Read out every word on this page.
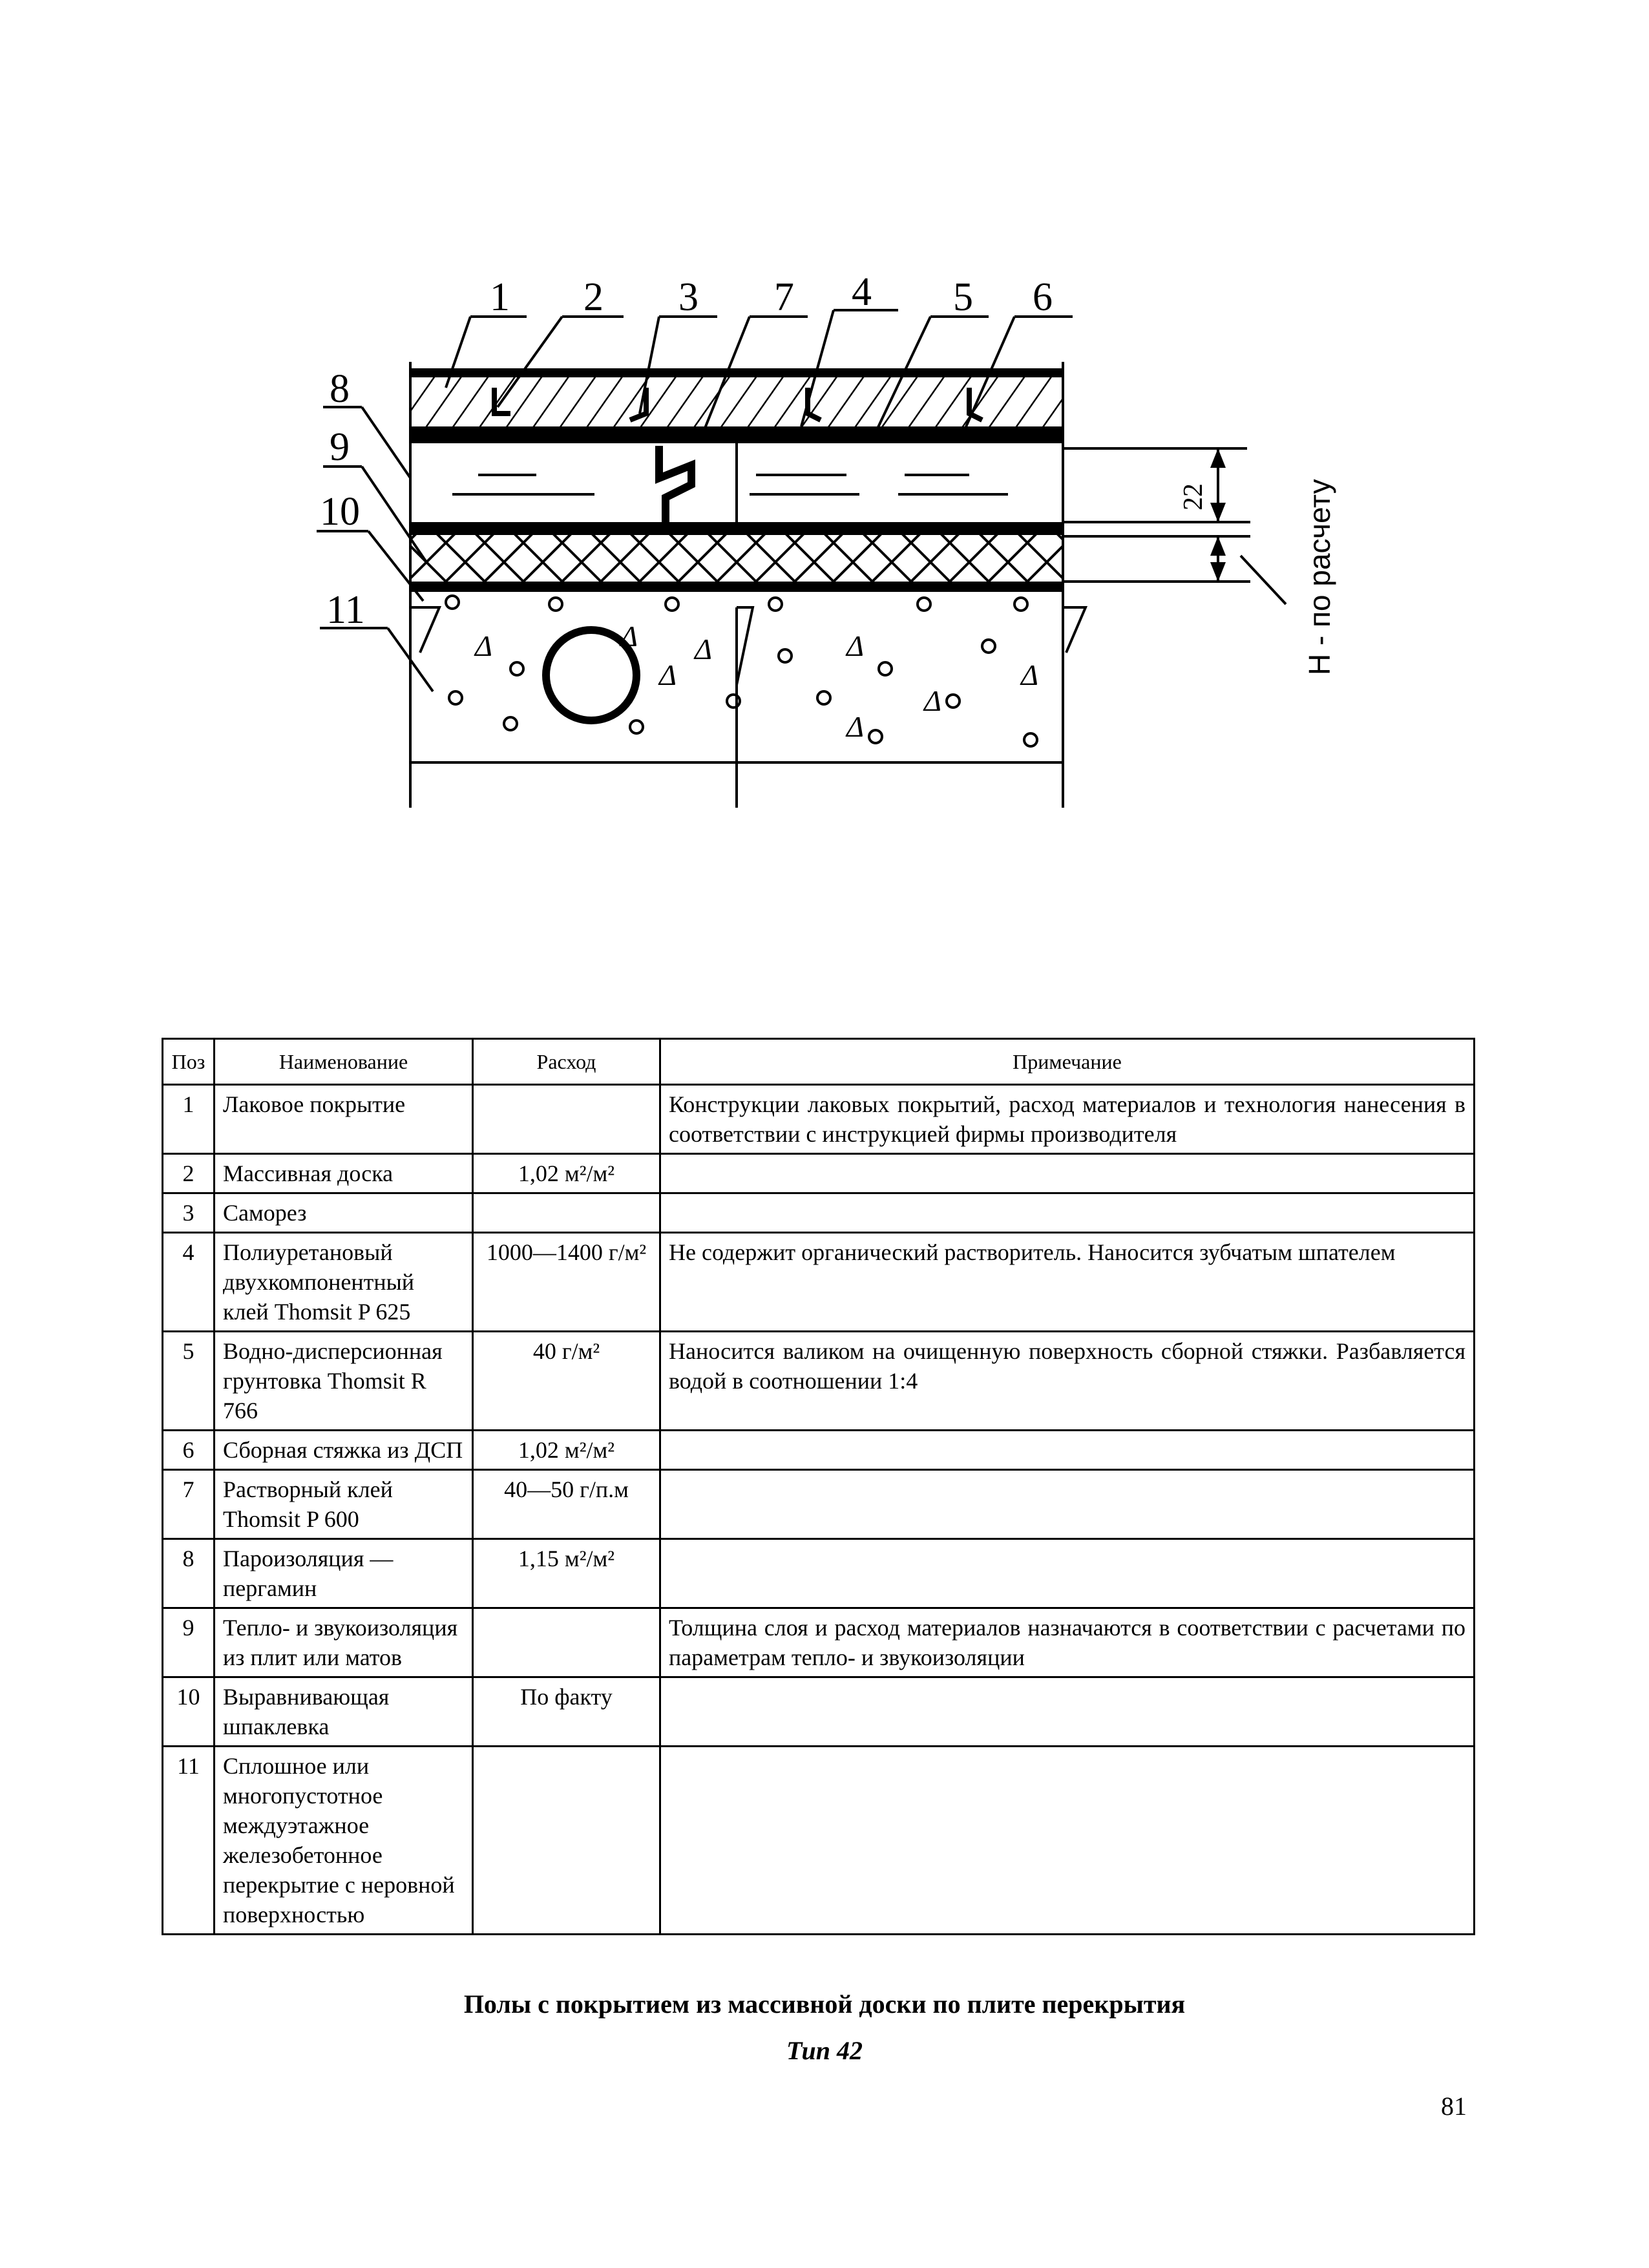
1 2 3 7 4 5 6
8
9
10
11
Δ
Δ
Δ	Δ
Δ
Δ
Δ
Δ
22	H - по расчету
Поз	Наименование	Расход	Примечание
1	Лаковое покрытие		Конструкции лаковых покрытий, расход материалов и технология нанесения в соответствии с инструкцией фирмы производителя
2	Массивная доска	1,02 м²/м²	
3	Саморез		
4	Полиуретановый двухкомпонентный клей Thomsit P 625	1000—1400 г/м²	Не содержит органический растворитель. Наносится зубчатым шпателем
5	Водно-дисперсионная грунтовка Thomsit R 766	40 г/м²	Наносится валиком на очищенную поверхность сборной стяжки. Разбавляется водой в соотношении 1:4
6	Сборная стяжка из ДСП	1,02 м²/м²	
7	Растворный клей Thomsit P 600	40—50 г/п.м	
8	Пароизоляция — пергамин	1,15 м²/м²	
9	Тепло- и звукоизоляция из плит или матов		Толщина слоя и расход материалов назначаются в соответствии с расчетами по параметрам тепло- и звукоизоляции
10	Выравнивающая шпаклевка	По факту	
11	Сплошное или многопустотное междуэтажное железобетонное перекрытие с неровной поверхностью		
Полы с покрытием из массивной доски по плите перекрытия
Тип 42
81
